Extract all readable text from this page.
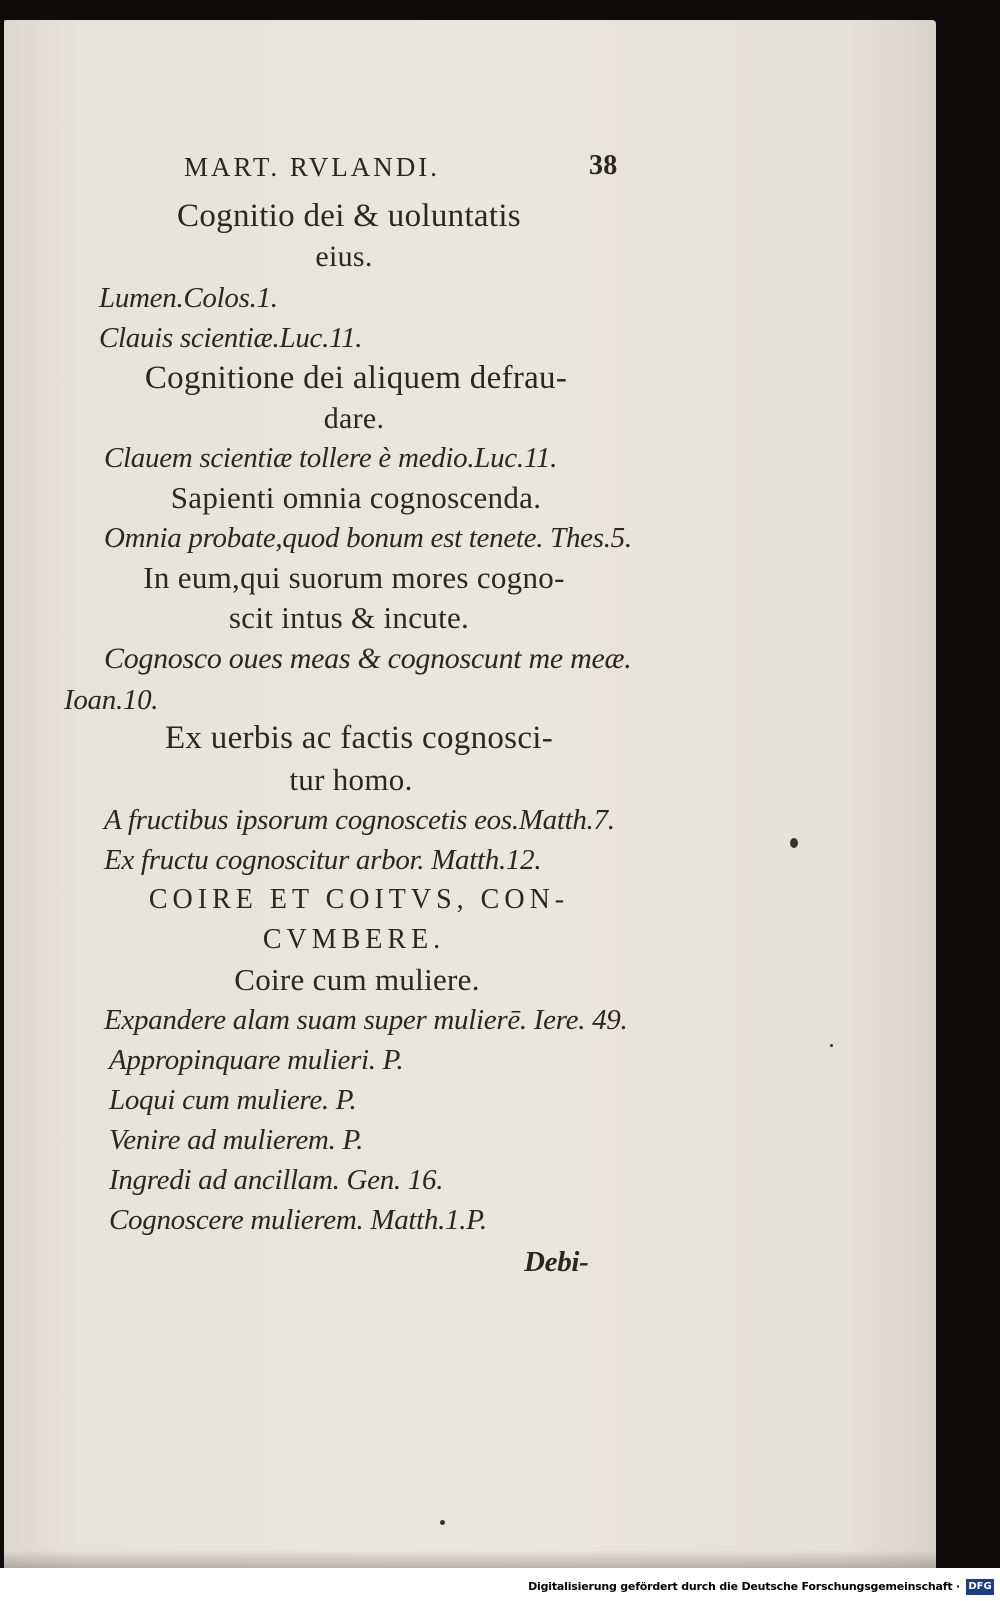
MART. RVLANDI.	38
Cognitio dei & uoluntatis
eius.
Lumen.Colos.1.
Clauis scientiæ.Luc.11.
Cognitione dei aliquem defrau-
dare.
Clauem scientiæ tollere è medio.Luc.11.
Sapienti omnia cognoscenda.
Omnia probate,quod bonum est tenete. Thes.5.
In eum,qui suorum mores cogno-
scit intus & incute.
Cognosco oues meas & cognoscunt me meæ.
Ioan.10.
Ex uerbis ac factis cognosci-
tur homo.
A fructibus ipsorum cognoscetis eos.Matth.7.
Ex fructu cognoscitur arbor. Matth.12.
COIRE ET COITVS, CON-
CVMBERE.
Coire cum muliere.
Expandere alam suam super mulierē. Iere. 49.
Appropinquare mulieri. P.
Loqui cum muliere. P.
Venire ad mulierem. P.
Ingredi ad ancillam. Gen. 16.
Cognoscere mulierem. Matth.1.P.
Debi-
Digitalisierung gefördert durch die Deutsche Forschungsgemeinschaft · DFG
